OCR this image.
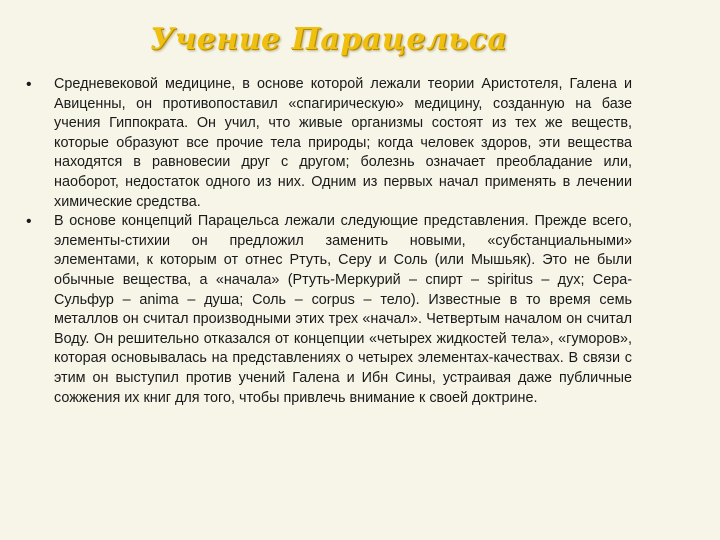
Учение Парацельса
• Средневековой медицине, в основе которой лежали теории Аристотеля, Галена и Авиценны, он противопоставил «спагирическую» медицину, созданную на базе учения Гиппократа. Он учил, что живые организмы состоят из тех же веществ, которые образуют все прочие тела природы; когда человек здоров, эти вещества находятся в равновесии друг с другом; болезнь означает преобладание или, наоборот, недостаток одного из них. Одним из первых начал применять в лечении химические средства.
• В основе концепций Парацельса лежали следующие представления. Прежде всего, элементы-стихии он предложил заменить новыми, «субстанциальными» элементами, к которым от отнес Ртуть, Серу и Соль (или Мышьяк). Это не были обычные вещества, а «начала» (Ртуть-Меркурий – спирт – spiritus – дух; Сера-Сульфур – anima – душа; Соль – corpus – тело). Известные в то время семь металлов он считал производными этих трех «начал». Четвертым началом он считал Воду. Он решительно отказался от концепции «четырех жидкостей тела», «гуморов», которая основывалась на представлениях о четырех элементах-качествах. В связи с этим он выступил против учений Галена и Ибн Сины, устраивая даже публичные сожжения их книг для того, чтобы привлечь внимание к своей доктрине.
